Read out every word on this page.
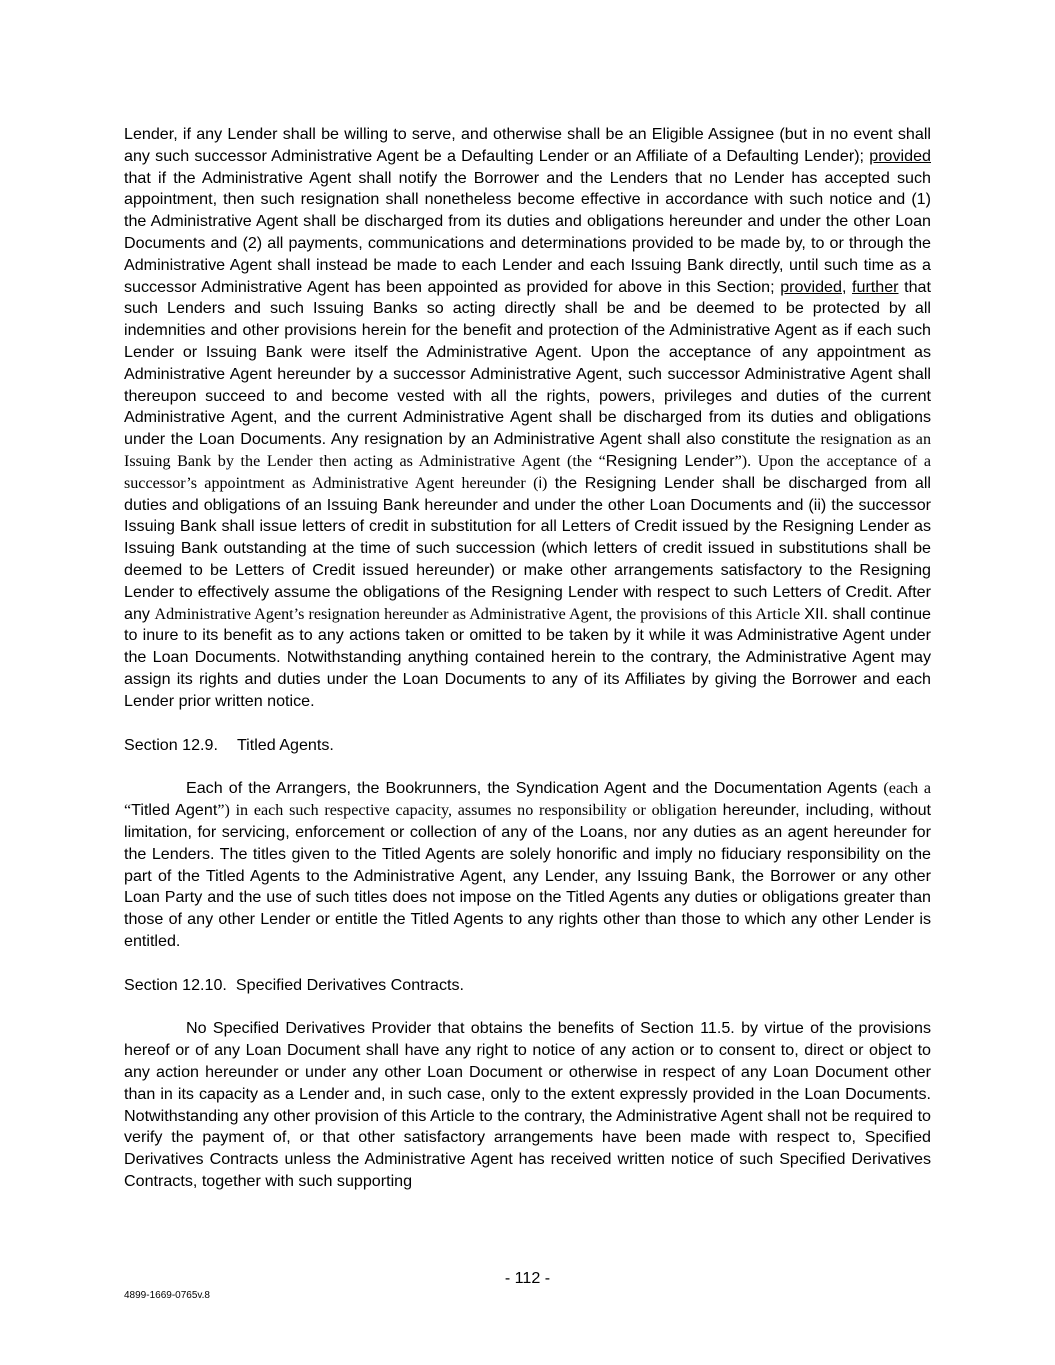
Lender, if any Lender shall be willing to serve, and otherwise shall be an Eligible Assignee (but in no event shall any such successor Administrative Agent be a Defaulting Lender or an Affiliate of a Defaulting Lender); provided that if the Administrative Agent shall notify the Borrower and the Lenders that no Lender has accepted such appointment, then such resignation shall nonetheless become effective in accordance with such notice and (1) the Administrative Agent shall be discharged from its duties and obligations hereunder and under the other Loan Documents and (2) all payments, communications and determinations provided to be made by, to or through the Administrative Agent shall instead be made to each Lender and each Issuing Bank directly, until such time as a successor Administrative Agent has been appointed as provided for above in this Section; provided, further that such Lenders and such Issuing Banks so acting directly shall be and be deemed to be protected by all indemnities and other provisions herein for the benefit and protection of the Administrative Agent as if each such Lender or Issuing Bank were itself the Administrative Agent. Upon the acceptance of any appointment as Administrative Agent hereunder by a successor Administrative Agent, such successor Administrative Agent shall thereupon succeed to and become vested with all the rights, powers, privileges and duties of the current Administrative Agent, and the current Administrative Agent shall be discharged from its duties and obligations under the Loan Documents. Any resignation by an Administrative Agent shall also constitute the resignation as an Issuing Bank by the Lender then acting as Administrative Agent (the “Resigning Lender”). Upon the acceptance of a successor’s appointment as Administrative Agent hereunder (i) the Resigning Lender shall be discharged from all duties and obligations of an Issuing Bank hereunder and under the other Loan Documents and (ii) the successor Issuing Bank shall issue letters of credit in substitution for all Letters of Credit issued by the Resigning Lender as Issuing Bank outstanding at the time of such succession (which letters of credit issued in substitutions shall be deemed to be Letters of Credit issued hereunder) or make other arrangements satisfactory to the Resigning Lender to effectively assume the obligations of the Resigning Lender with respect to such Letters of Credit. After any Administrative Agent’s resignation hereunder as Administrative Agent, the provisions of this Article XII. shall continue to inure to its benefit as to any actions taken or omitted to be taken by it while it was Administrative Agent under the Loan Documents. Notwithstanding anything contained herein to the contrary, the Administrative Agent may assign its rights and duties under the Loan Documents to any of its Affiliates by giving the Borrower and each Lender prior written notice.

Section 12.9. Titled Agents.

Each of the Arrangers, the Bookrunners, the Syndication Agent and the Documentation Agents (each a “Titled Agent”) in each such respective capacity, assumes no responsibility or obligation hereunder, including, without limitation, for servicing, enforcement or collection of any of the Loans, nor any duties as an agent hereunder for the Lenders. The titles given to the Titled Agents are solely honorific and imply no fiduciary responsibility on the part of the Titled Agents to the Administrative Agent, any Lender, any Issuing Bank, the Borrower or any other Loan Party and the use of such titles does not impose on the Titled Agents any duties or obligations greater than those of any other Lender or entitle the Titled Agents to any rights other than those to which any other Lender is entitled.

Section 12.10. Specified Derivatives Contracts.

No Specified Derivatives Provider that obtains the benefits of Section 11.5. by virtue of the provisions hereof or of any Loan Document shall have any right to notice of any action or to consent to, direct or object to any action hereunder or under any other Loan Document or otherwise in respect of any Loan Document other than in its capacity as a Lender and, in such case, only to the extent expressly provided in the Loan Documents. Notwithstanding any other provision of this Article to the contrary, the Administrative Agent shall not be required to verify the payment of, or that other satisfactory arrangements have been made with respect to, Specified Derivatives Contracts unless the Administrative Agent has received written notice of such Specified Derivatives Contracts, together with such supporting

- 112 -
4899-1669-0765v.8
